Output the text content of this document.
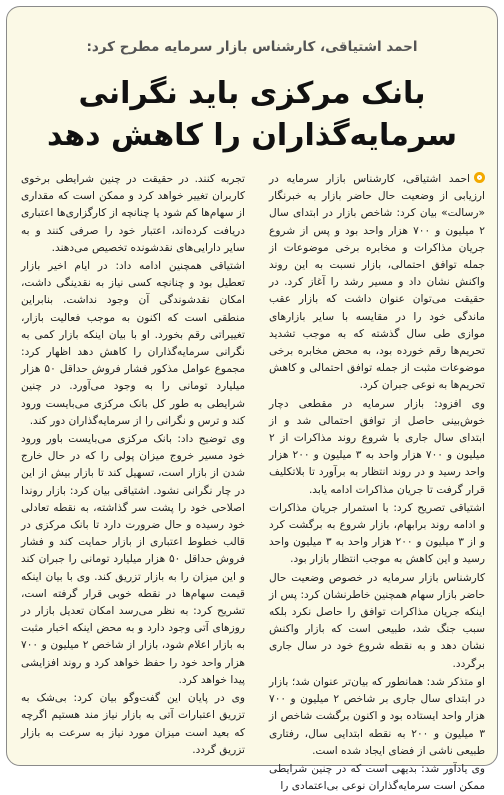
احمد اشتیاقی، کارشناس بازار سرمایه مطرح کرد:
بانک مرکزی باید نگرانی سرمایه‌گذاران را کاهش دهد

احمد اشتیاقی، کارشناس بازار سرمایه در ارزیابی از وضعیت حال حاضر بازار به خبرنگار «رسالت» بیان کرد: شاخص بازار در ابتدای سال ۲ میلیون و ۷۰۰ هزار واحد بود و پس از شروع جریان مذاکرات و مخابره برخی موضوعات از جمله توافق احتمالی، بازار نسبت به این روند واکنش نشان داد و مسیر رشد را آغاز کرد. در حقیقت می‌توان عنوان داشت که بازار عقب ماندگی خود را در مقایسه با سایر بازارهای موازی طی سال گذشته که به موجب تشدید تحریم‌ها رقم خورده بود، به محض مخابره برخی موضوعات مثبت از جمله توافق احتمالی و کاهش تحریم‌ها به نوعی جبران کرد.

وی افزود: بازار سرمایه در مقطعی دچار خوش‌بینی حاصل از توافق احتمالی شد و از ابتدای سال جاری با شروع روند مذاکرات از ۲ میلیون و ۷۰۰ هزار واحد به ۳ میلیون و ۲۰۰ هزار واحد رسید و در روند انتظار به برآورد تا بلاتکلیف قرار گرفت تا جریان مذاکرات ادامه یابد.

اشتیاقی تصریح کرد: با استمرار جریان مذاکرات و ادامه روند برابهام، بازار شروع به برگشت کرد و از ۳ میلیون و ۲۰۰ هزار واحد به ۳ میلیون واحد رسید و این کاهش به موجب انتظار بازار بود.

کارشناس بازار سرمایه در خصوص وضعیت حال حاضر بازار سهام همچنین خاطرنشان کرد: پس از اینکه جریان مذاکرات توافق را حاصل نکرد بلکه سبب جنگ شد، طبیعی است که بازار واکنش نشان دهد و به نقطه شروع خود در سال جاری برگردد.

او متذکر شد: همانطور که بیان‌تر عنوان شد؛ بازار در ابتدای سال جاری بر شاخص ۲ میلیون و ۷۰۰ هزار واحد ایستاده بود و اکنون برگشت شاخص از ۳ میلیون و ۲۰۰ به نقطه ابتدایی سال، رفتاری طبیعی ناشی از فضای ایجاد شده است.

وی یادآور شد: بدیهی است که در چنین شرایطی ممکن است سرمایه‌گذاران نوعی بی‌اعتمادی را

تجربه کنند. در حقیقت در چنین شرایطی برخوی کاربران تغییر خواهد کرد و ممکن است که مقداری از سهام‌ها کم شود یا چنانچه از کارگزاری‌ها اعتباری دریافت کرده‌اند، اعتبار خود را صرفی کنند و به سایر دارایی‌های نقدشونده تخصیص می‌دهند.

اشتیاقی همچنین ادامه داد: در ایام اخیر بازار تعطیل بود و چنانچه کسی نیاز به نقدینگی داشت، امکان نقدشوندگی آن وجود نداشت. بنابراین منطقی است که اکنون به موجب فعالیت بازار، تغییراتی رقم بخورد. او با بیان اینکه بازار کمی به نگرانی سرمایه‌گذاران را کاهش دهد اظهار کرد: مجموع عوامل مذکور فشار فروش حداقل ۵۰ هزار میلیارد تومانی را به وجود می‌آورد. در چنین شرایطی به طور کل بانک مرکزی می‌بایست ورود کند و ترس و نگرانی را از سرمایه‌گذاران دور کند.

وی توضیح داد: بانک مرکزی می‌بایست باور ورود خود مسیر خروج میزان پولی را که در حال خارج شدن از بازار است، تسهیل کند تا بازار بیش از این در چار نگرانی نشود. اشتیاقی بیان کرد: بازار روندا اصلاحی خود را پشت سر گذاشته، به نقطه تعادلی خود رسیده و حال ضرورت دارد تا بانک مرکزی در قالب خطوط اعتباری از بازار حمایت کند و فشار فروش حداقل ۵۰ هزار میلیارد تومانی را جبران کند و این میزان را به بازار تزریق کند. وی با بیان اینکه قیمت سهام‌ها در نقطه خوبی قرار گرفته است، تشریح کرد: به نظر می‌رسد امکان تعدیل بازار در روزهای آتی وجود دارد و به محض اینکه اخبار مثبت به بازار اعلام شود، بازار از شاخص ۲ میلیون و ۷۰۰ هزار واحد خود را حفظ خواهد کرد و روند افزایشی پیدا خواهد کرد.

وی در پایان این گفت‌وگو بیان کرد: بی‌شک به تزریق اعتبارات آتی به بازار نیاز مند هستیم اگرچه که بعید است میزان مورد نیاز به سرعت به بازار تزریق گردد.
